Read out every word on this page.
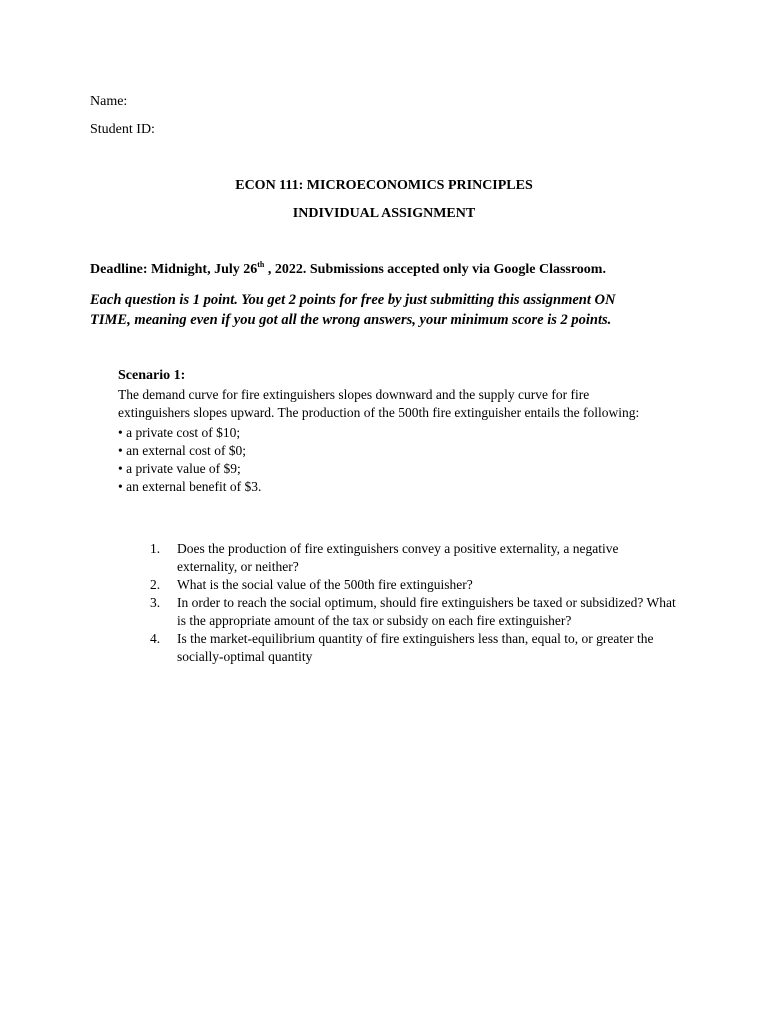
Name:
Student ID:
ECON 111: MICROECONOMICS PRINCIPLES
INDIVIDUAL ASSIGNMENT
Deadline: Midnight, July 26th , 2022. Submissions accepted only via Google Classroom.
Each question is 1 point. You get 2 points for free by just submitting this assignment ON TIME, meaning even if you got all the wrong answers, your minimum score is 2 points.
Scenario 1:

The demand curve for fire extinguishers slopes downward and the supply curve for fire extinguishers slopes upward. The production of the 500th fire extinguisher entails the following:

• a private cost of $10;
• an external cost of $0;
• a private value of $9;
• an external benefit of $3.
1.	Does the production of fire extinguishers convey a positive externality, a negative externality, or neither?
2.	What is the social value of the 500th fire extinguisher?
3.	In order to reach the social optimum, should fire extinguishers be taxed or subsidized? What is the appropriate amount of the tax or subsidy on each fire extinguisher?
4.	Is the market-equilibrium quantity of fire extinguishers less than, equal to, or greater the socially-optimal quantity
